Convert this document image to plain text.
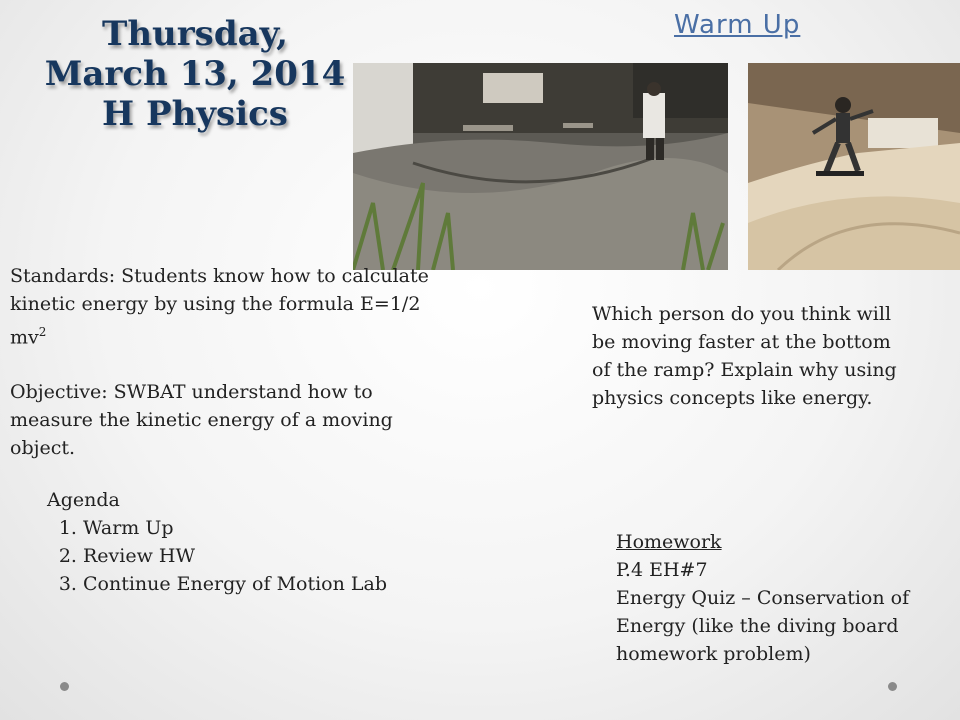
Thursday,
March 13, 2014
H Physics
Warm Up
Standards: Students know how to calculate kinetic energy by using the formula E=1/2 $mv^2$
Objective: SWBAT understand how to measure the kinetic energy of a moving object.
Which person do you think will be moving faster at the bottom of the ramp? Explain why using physics concepts like energy.
Agenda
1. Warm Up
2. Review HW
3. Continue Energy of Motion Lab
Homework
P.4 EH#7
Energy Quiz – Conservation of Energy (like the diving board homework problem)
